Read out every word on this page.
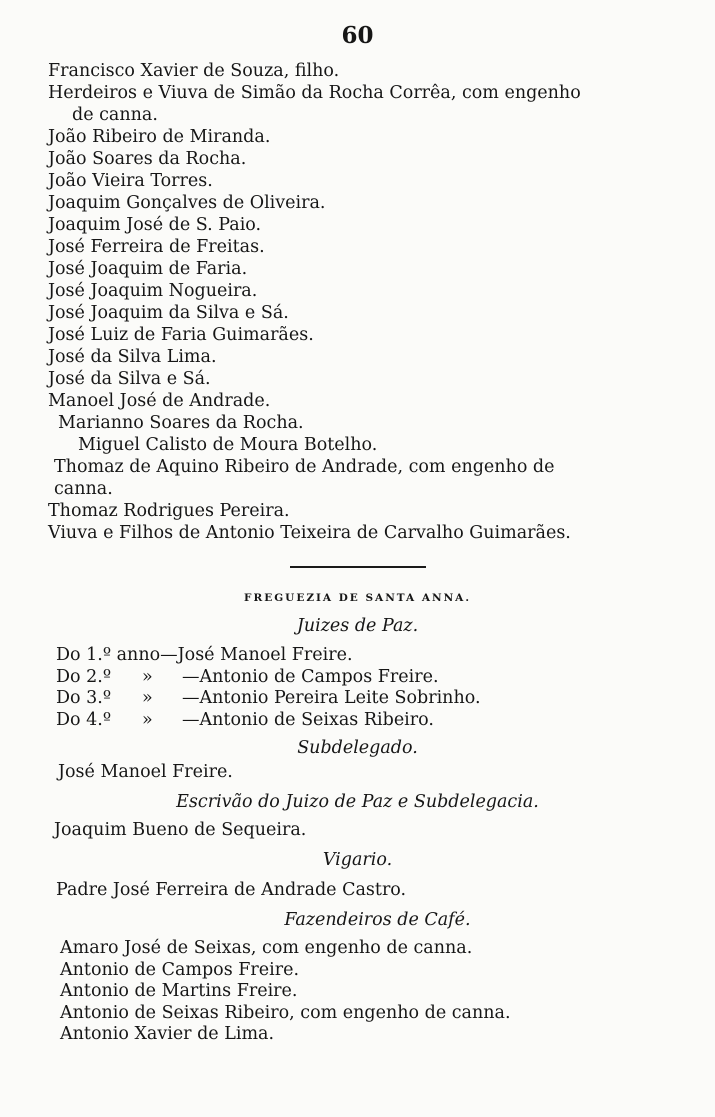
60
Francisco Xavier de Souza, filho.
Herdeiros e Viuva de Simão da Rocha Corrêa, com engenho
de canna.
João Ribeiro de Miranda.
João Soares da Rocha.
João Vieira Torres.
Joaquim Gonçalves de Oliveira.
Joaquim José de S. Paio.
José Ferreira de Freitas.
José Joaquim de Faria.
José Joaquim Nogueira.
José Joaquim da Silva e Sá.
José Luiz de Faria Guimarães.
José da Silva Lima.
José da Silva e Sá.
Manoel José de Andrade.
Marianno Soares da Rocha.
Miguel Calisto de Moura Botelho.
Thomaz de Aquino Ribeiro de Andrade, com engenho de
canna.
Thomaz Rodrigues Pereira.
Viuva e Filhos de Antonio Teixeira de Carvalho Guimarães.
FREGUEZIA DE SANTA ANNA.
Juizes de Paz.
Do 1.º anno—José Manoel Freire.
Do 2.º » —Antonio de Campos Freire.
Do 3.º » —Antonio Pereira Leite Sobrinho.
Do 4.º » —Antonio de Seixas Ribeiro.
Subdelegado.
José Manoel Freire.
Escrivão do Juizo de Paz e Subdelegacia.
Joaquim Bueno de Sequeira.
Vigario.
Padre José Ferreira de Andrade Castro.
Fazendeiros de Café.
Amaro José de Seixas, com engenho de canna.
Antonio de Campos Freire.
Antonio de Martins Freire.
Antonio de Seixas Ribeiro, com engenho de canna.
Antonio Xavier de Lima.
